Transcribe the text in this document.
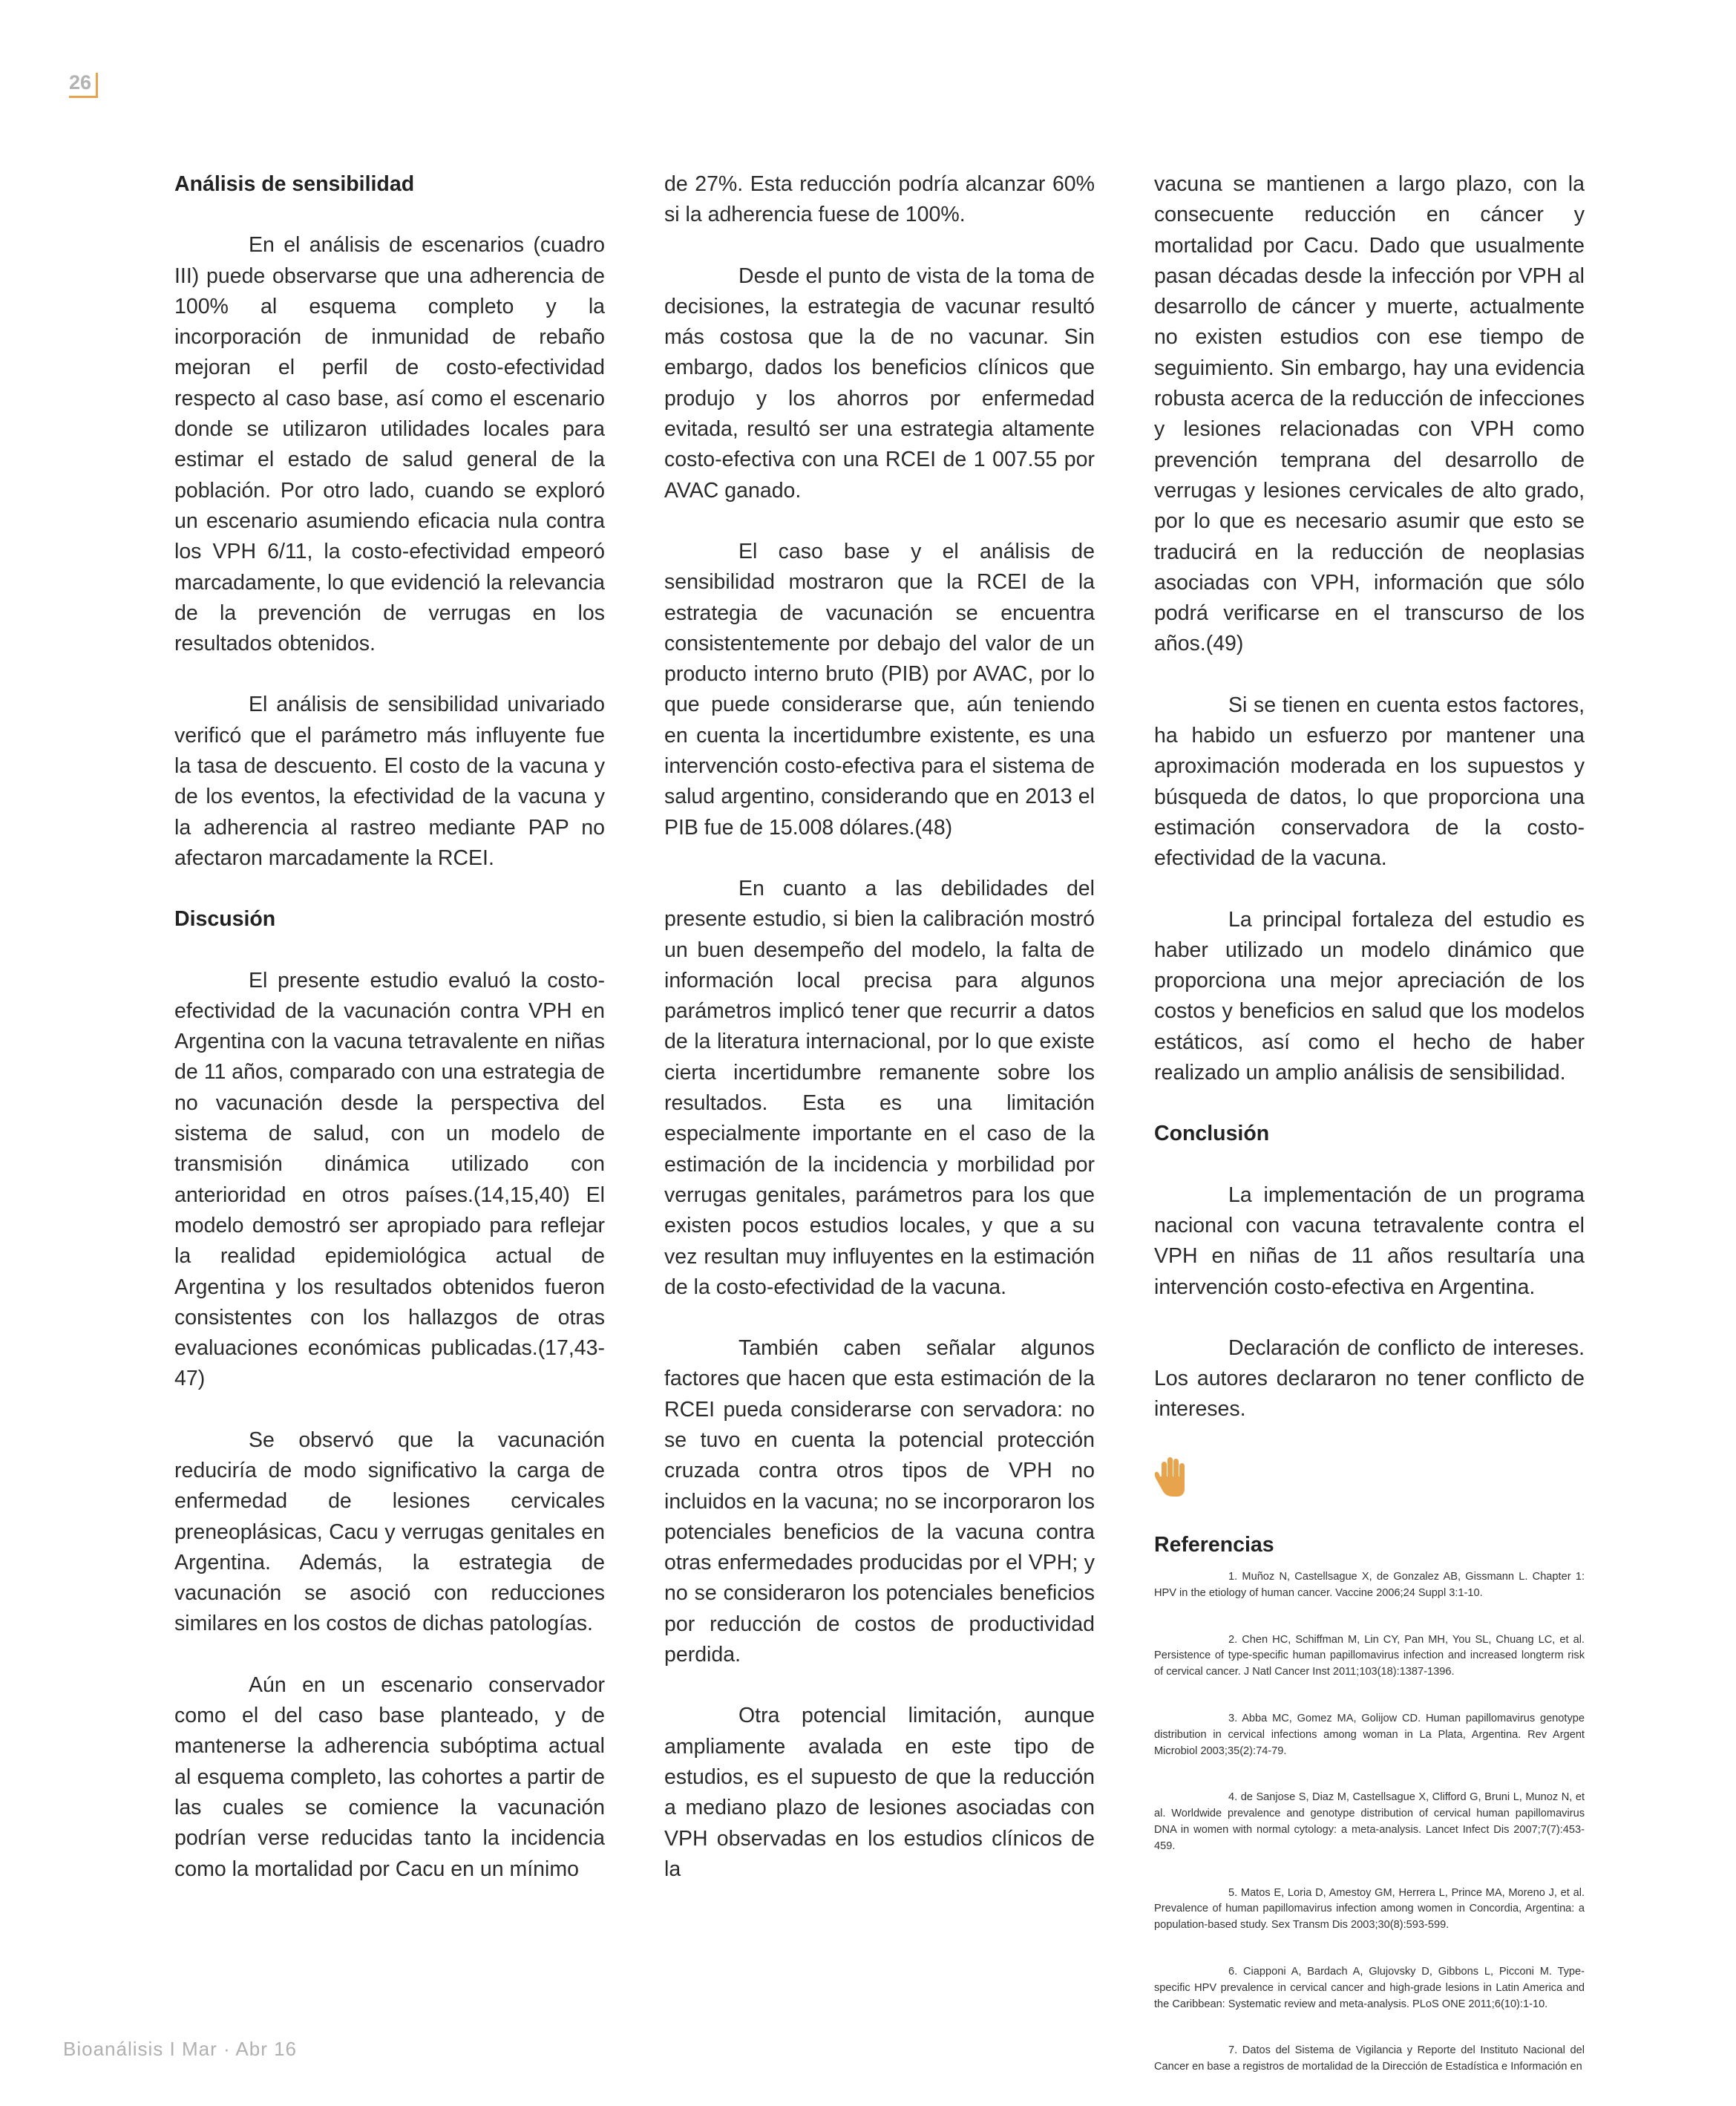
26
Análisis de sensibilidad

En el análisis de escenarios (cuadro III) puede observarse que una adherencia de 100% al esquema completo y la incorporación de inmunidad de rebaño mejoran el perfil de costo-efectividad respecto al caso base, así como el escenario donde se utilizaron utilidades locales para estimar el estado de salud general de la población. Por otro lado, cuando se exploró un escenario asumiendo eficacia nula contra los VPH 6/11, la costo-efectividad empeoró marcadamente, lo que evidenció la relevancia de la prevención de verrugas en los resultados obtenidos.

El análisis de sensibilidad univariado verificó que el parámetro más influyente fue la tasa de descuento. El costo de la vacuna y de los eventos, la efectividad de la vacuna y la adherencia al rastreo mediante PAP no afectaron marcadamente la RCEI.

Discusión

El presente estudio evaluó la costo-efectividad de la vacunación contra VPH en Argentina con la vacuna tetravalente en niñas de 11 años, comparado con una estrategia de no vacunación desde la perspectiva del sistema de salud, con un modelo de transmisión dinámica utilizado con anterioridad en otros países.(14,15,40) El modelo demostró ser apropiado para reflejar la realidad epidemiológica actual de Argentina y los resultados obtenidos fueron consistentes con los hallazgos de otras evaluaciones económicas publicadas.(17,43-47)

Se observó que la vacunación reduciría de modo significativo la carga de enfermedad de lesiones cervicales preneoplásicas, Cacu y verrugas genitales en Argentina. Además, la estrategia de vacunación se asoció con reducciones similares en los costos de dichas patologías.

Aún en un escenario conservador como el del caso base planteado, y de mantenerse la adherencia subóptima actual al esquema completo, las cohortes a partir de las cuales se comience la vacunación podrían verse reducidas tanto la incidencia como la mortalidad por Cacu en un mínimo

de 27%. Esta reducción podría alcanzar 60% si la adherencia fuese de 100%.

Desde el punto de vista de la toma de decisiones, la estrategia de vacunar resultó más costosa que la de no vacunar. Sin embargo, dados los beneficios clínicos que produjo y los ahorros por enfermedad evitada, resultó ser una estrategia altamente costo-efectiva con una RCEI de 1 007.55 por AVAC ganado.

El caso base y el análisis de sensibilidad mostraron que la RCEI de la estrategia de vacunación se encuentra consistentemente por debajo del valor de un producto interno bruto (PIB) por AVAC, por lo que puede considerarse que, aún teniendo en cuenta la incertidumbre existente, es una intervención costo-efectiva para el sistema de salud argentino, considerando que en 2013 el PIB fue de 15.008 dólares.(48)

En cuanto a las debilidades del presente estudio, si bien la calibración mostró un buen desempeño del modelo, la falta de información local precisa para algunos parámetros implicó tener que recurrir a datos de la literatura internacional, por lo que existe cierta incertidumbre remanente sobre los resultados. Esta es una limitación especialmente importante en el caso de la estimación de la incidencia y morbilidad por verrugas genitales, parámetros para los que existen pocos estudios locales, y que a su vez resultan muy influyentes en la estimación de la costo-efectividad de la vacuna.

También caben señalar algunos factores que hacen que esta estimación de la RCEI pueda considerarse con servadora: no se tuvo en cuenta la potencial protección cruzada contra otros tipos de VPH no incluidos en la vacuna; no se incorporaron los potenciales beneficios de la vacuna contra otras enfermedades producidas por el VPH; y no se consideraron los potenciales beneficios por reducción de costos de productividad perdida.

Otra potencial limitación, aunque ampliamente avalada en este tipo de estudios, es el supuesto de que la reducción a mediano plazo de lesiones asociadas con VPH observadas en los estudios clínicos de la

vacuna se mantienen a largo plazo, con la consecuente reducción en cáncer y mortalidad por Cacu. Dado que usualmente pasan décadas desde la infección por VPH al desarrollo de cáncer y muerte, actualmente no existen estudios con ese tiempo de seguimiento. Sin embargo, hay una evidencia robusta acerca de la reducción de infecciones y lesiones relacionadas con VPH como prevención temprana del desarrollo de verrugas y lesiones cervicales de alto grado, por lo que es necesario asumir que esto se traducirá en la reducción de neoplasias asociadas con VPH, información que sólo podrá verificarse en el transcurso de los años.(49)

Si se tienen en cuenta estos factores, ha habido un esfuerzo por mantener una aproximación moderada en los supuestos y búsqueda de datos, lo que proporciona una estimación conservadora de la costo-efectividad de la vacuna.

La principal fortaleza del estudio es haber utilizado un modelo dinámico que proporciona una mejor apreciación de los costos y beneficios en salud que los modelos estáticos, así como el hecho de haber realizado un amplio análisis de sensibilidad.

Conclusión

La implementación de un programa nacional con vacuna tetravalente contra el VPH en niñas de 11 años resultaría una intervención costo-efectiva en Argentina.

Declaración de conflicto de intereses. Los autores declararon no tener conflicto de intereses.

Referencias

1. Muñoz N, Castellsague X, de Gonzalez AB, Gissmann L. Chapter 1: HPV in the etiology of human cancer. Vaccine 2006;24 Suppl 3:1-10.

2. Chen HC, Schiffman M, Lin CY, Pan MH, You SL, Chuang LC, et al. Persistence of type-specific human papillomavirus infection and increased longterm risk of cervical cancer. J Natl Cancer Inst 2011;103(18):1387-1396.

3. Abba MC, Gomez MA, Golijow CD. Human papillomavirus genotype distribution in cervical infections among woman in La Plata, Argentina. Rev Argent Microbiol 2003;35(2):74-79.

4. de Sanjose S, Diaz M, Castellsague X, Clifford G, Bruni L, Munoz N, et al. Worldwide prevalence and genotype distribution of cervical human papillomavirus DNA in women with normal cytology: a meta-analysis. Lancet Infect Dis 2007;7(7):453-459.

5. Matos E, Loria D, Amestoy GM, Herrera L, Prince MA, Moreno J, et al. Prevalence of human papillomavirus infection among women in Concordia, Argentina: a population-based study. Sex Transm Dis 2003;30(8):593-599.

6. Ciapponi A, Bardach A, Glujovsky D, Gibbons L, Picconi M. Type-specific HPV prevalence in cervical cancer and high-grade lesions in Latin America and the Caribbean: Systematic review and meta-analysis. PLoS ONE 2011;6(10):1-10.

7. Datos del Sistema de Vigilancia y Reporte del Instituto Nacional del Cancer en base a registros de mortalidad de la Dirección de Estadística e Información en

Bioanálisis I Mar · Abr 16
